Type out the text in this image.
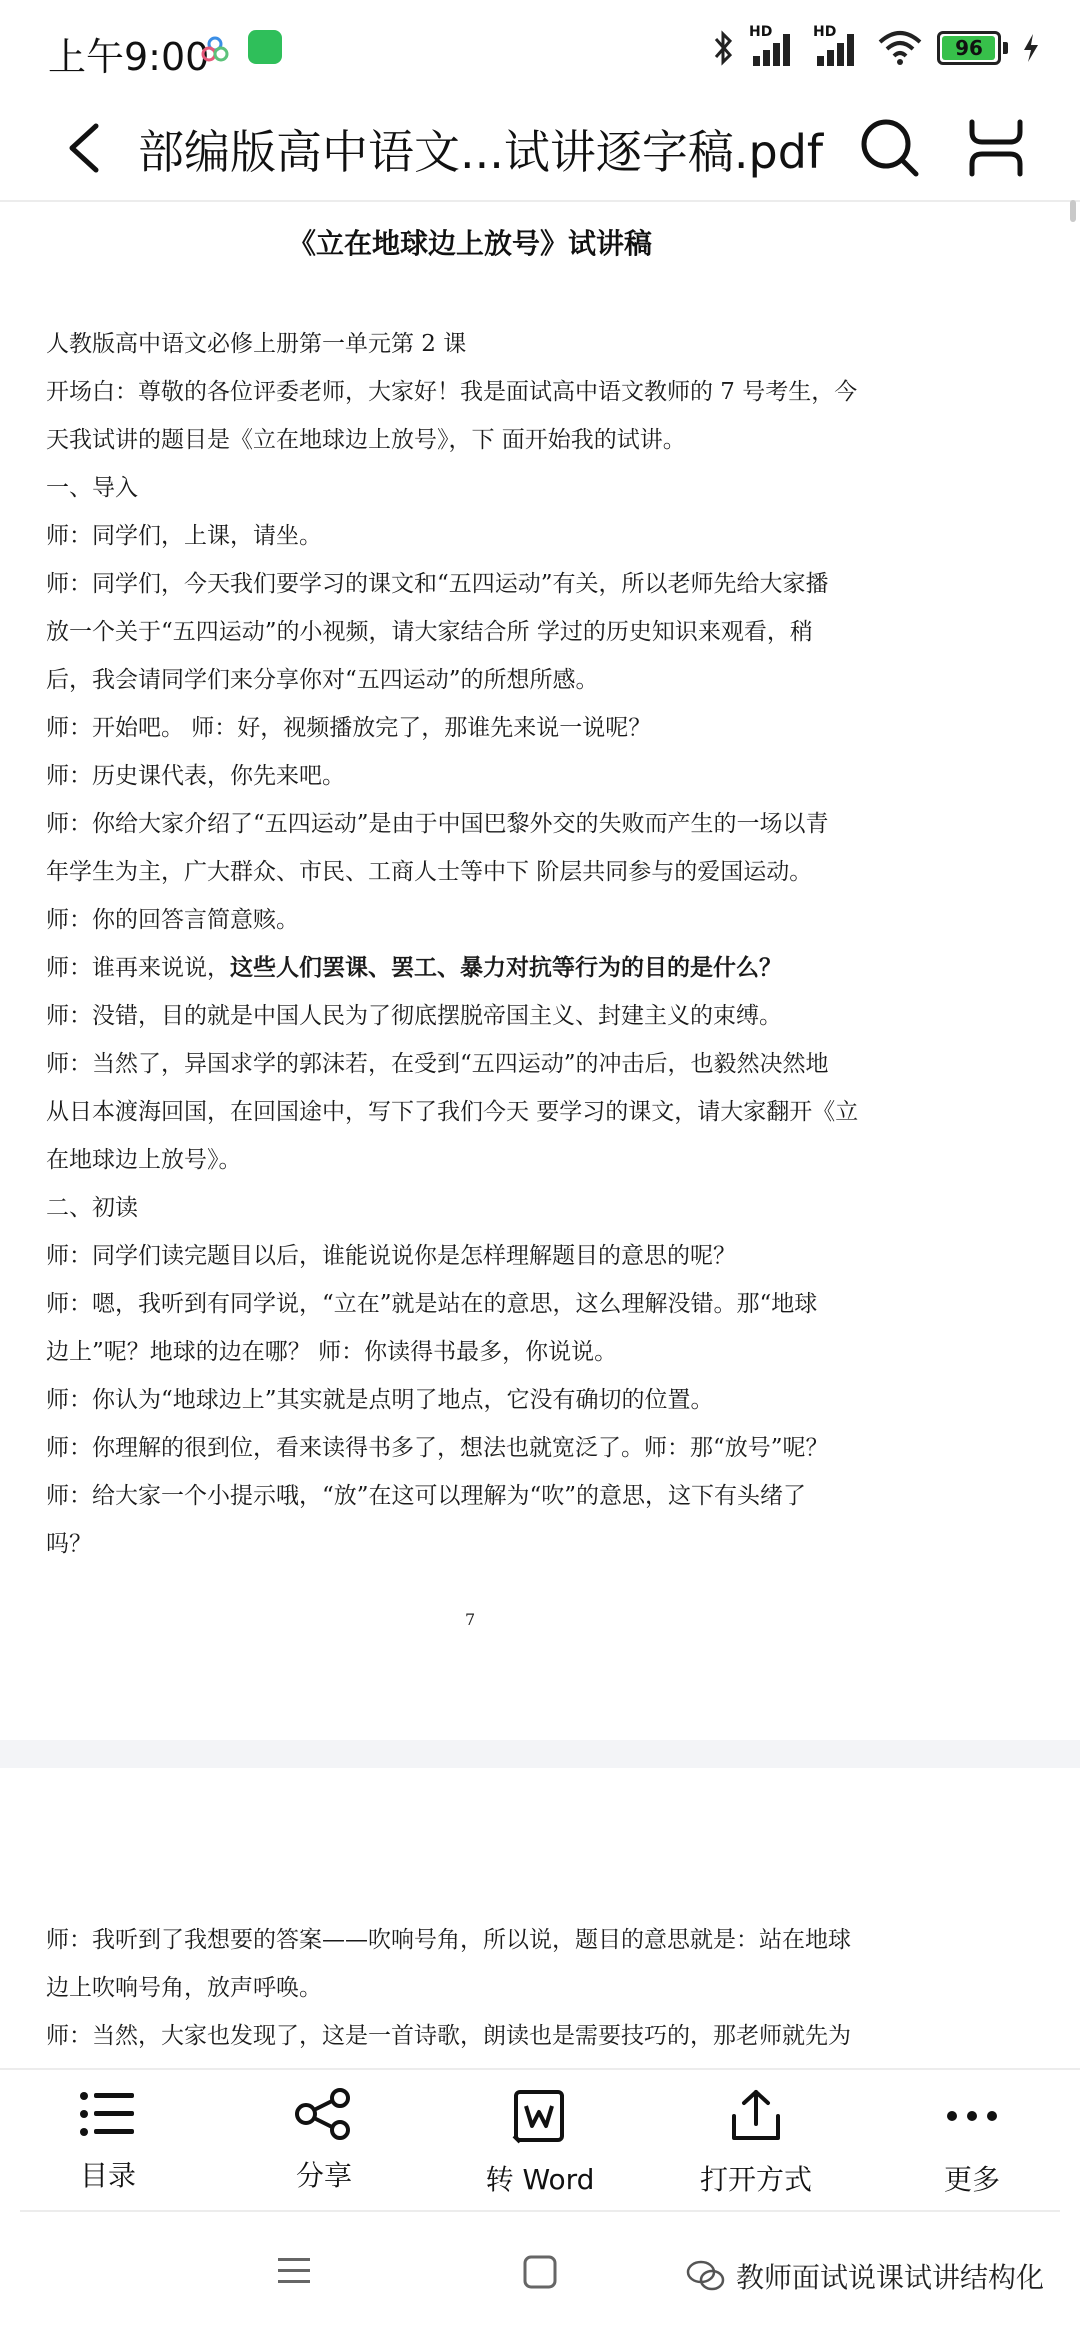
上午9:00
HD	HD
96
部编版高中语文...试讲逐字稿.pdf
《立在地球边上放号》试讲稿

人教版高中语文必修上册第一单元第 2 课

开场白：尊敬的各位评委老师，大家好！我是面试高中语文教师的 7 号考生，今

天我试讲的题目是《立在地球边上放号》，下 面开始我的试讲。

一、导入

师：同学们，上课，请坐。

师：同学们，今天我们要学习的课文和“五四运动”有关，所以老师先给大家播

放一个关于“五四运动”的小视频，请大家结合所 学过的历史知识来观看，稍

后，我会请同学们来分享你对“五四运动”的所想所感。

师：开始吧。 师：好，视频播放完了，那谁先来说一说呢？

师：历史课代表，你先来吧。

师：你给大家介绍了“五四运动”是由于中国巴黎外交的失败而产生的一场以青

年学生为主，广大群众、市民、工商人士等中下 阶层共同参与的爱国运动。

师：你的回答言简意赅。

师：谁再来说说，这些人们罢课、罢工、暴力对抗等行为的目的是什么？

师：没错，目的就是中国人民为了彻底摆脱帝国主义、封建主义的束缚。

师：当然了，异国求学的郭沫若，在受到“五四运动”的冲击后，也毅然决然地

从日本渡海回国，在回国途中，写下了我们今天 要学习的课文，请大家翻开《立

在地球边上放号》。

二、初读

师：同学们读完题目以后，谁能说说你是怎样理解题目的意思的呢？

师：嗯，我听到有同学说，“立在”就是站在的意思，这么理解没错。那“地球

边上”呢？地球的边在哪？ 师：你读得书最多，你说说。

师：你认为“地球边上”其实就是点明了地点，它没有确切的位置。

师：你理解的很到位，看来读得书多了，想法也就宽泛了。师：那“放号”呢？

师：给大家一个小提示哦，“放”在这可以理解为“吹”的意思，这下有头绪了

吗？

7

师：我听到了我想要的答案——吹响号角，所以说，题目的意思就是：站在地球

边上吹响号角，放声呼唤。

师：当然，大家也发现了，这是一首诗歌，朗读也是需要技巧的，那老师就先为

目录	分享	转 Word	打开方式	更多
教师面试说课试讲结构化
